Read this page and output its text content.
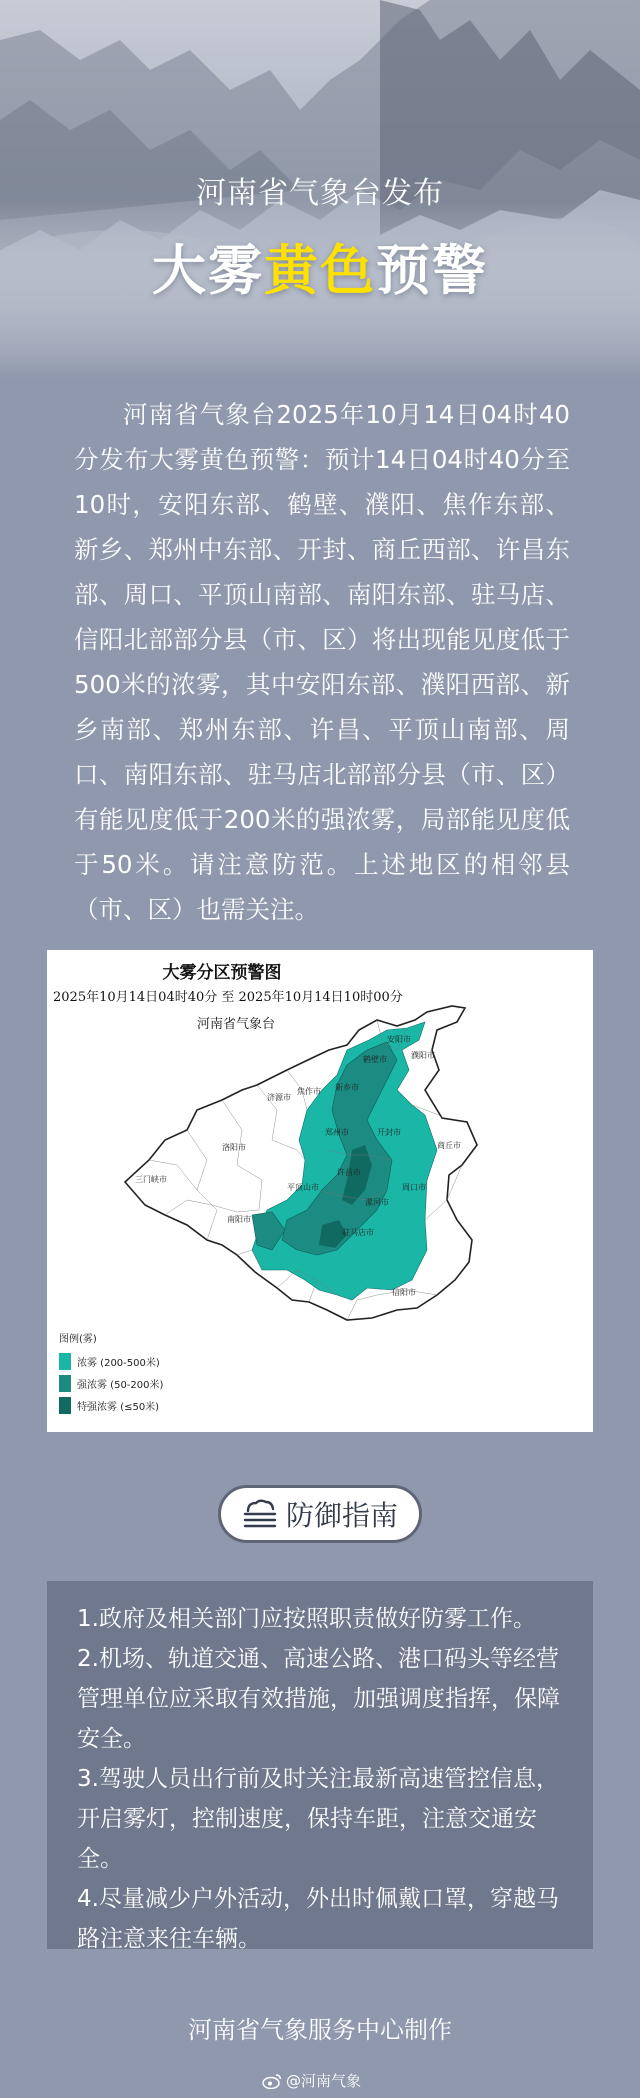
河南省气象台发布
大雾黄色预警
河南省气象台2025年10月14日04时40分发布大雾黄色预警：预计14日04时40分至10时，安阳东部、鹤壁、濮阳、焦作东部、新乡、郑州中东部、开封、商丘西部、许昌东部、周口、平顶山南部、南阳东部、驻马店、信阳北部部分县（市、区）将出现能见度低于500米的浓雾，其中安阳东部、濮阳西部、新乡南部、郑州东部、许昌、平顶山南部、周口、南阳东部、驻马店北部部分县（市、区）有能见度低于200米的强浓雾，局部能见度低于50米。请注意防范。上述地区的相邻县（市、区）也需关注。
安阳市
鹤壁市	濮阳市
新乡市
焦作市
济源市
郑州市	开封市
商丘市
洛阳市
三门峡市
许昌市
平顶山市	周口市
漯河市
南阳市
驻马店市
信阳市
大雾分区预警图
2025年10月14日04时40分 至 2025年10月14日10时00分
河南省气象台
图例(雾)
浓雾 (200-500米)
强浓雾 (50-200米)
特强浓雾 (≤50米)
防御指南
1.政府及相关部门应按照职责做好防雾工作。
2.机场、轨道交通、高速公路、港口码头等经营管理单位应采取有效措施，加强调度指挥，保障安全。
3.驾驶人员出行前及时关注最新高速管控信息，开启雾灯，控制速度，保持车距，注意交通安全。
4.尽量减少户外活动，外出时佩戴口罩，穿越马路注意来往车辆。
河南省气象服务中心制作
@河南气象
